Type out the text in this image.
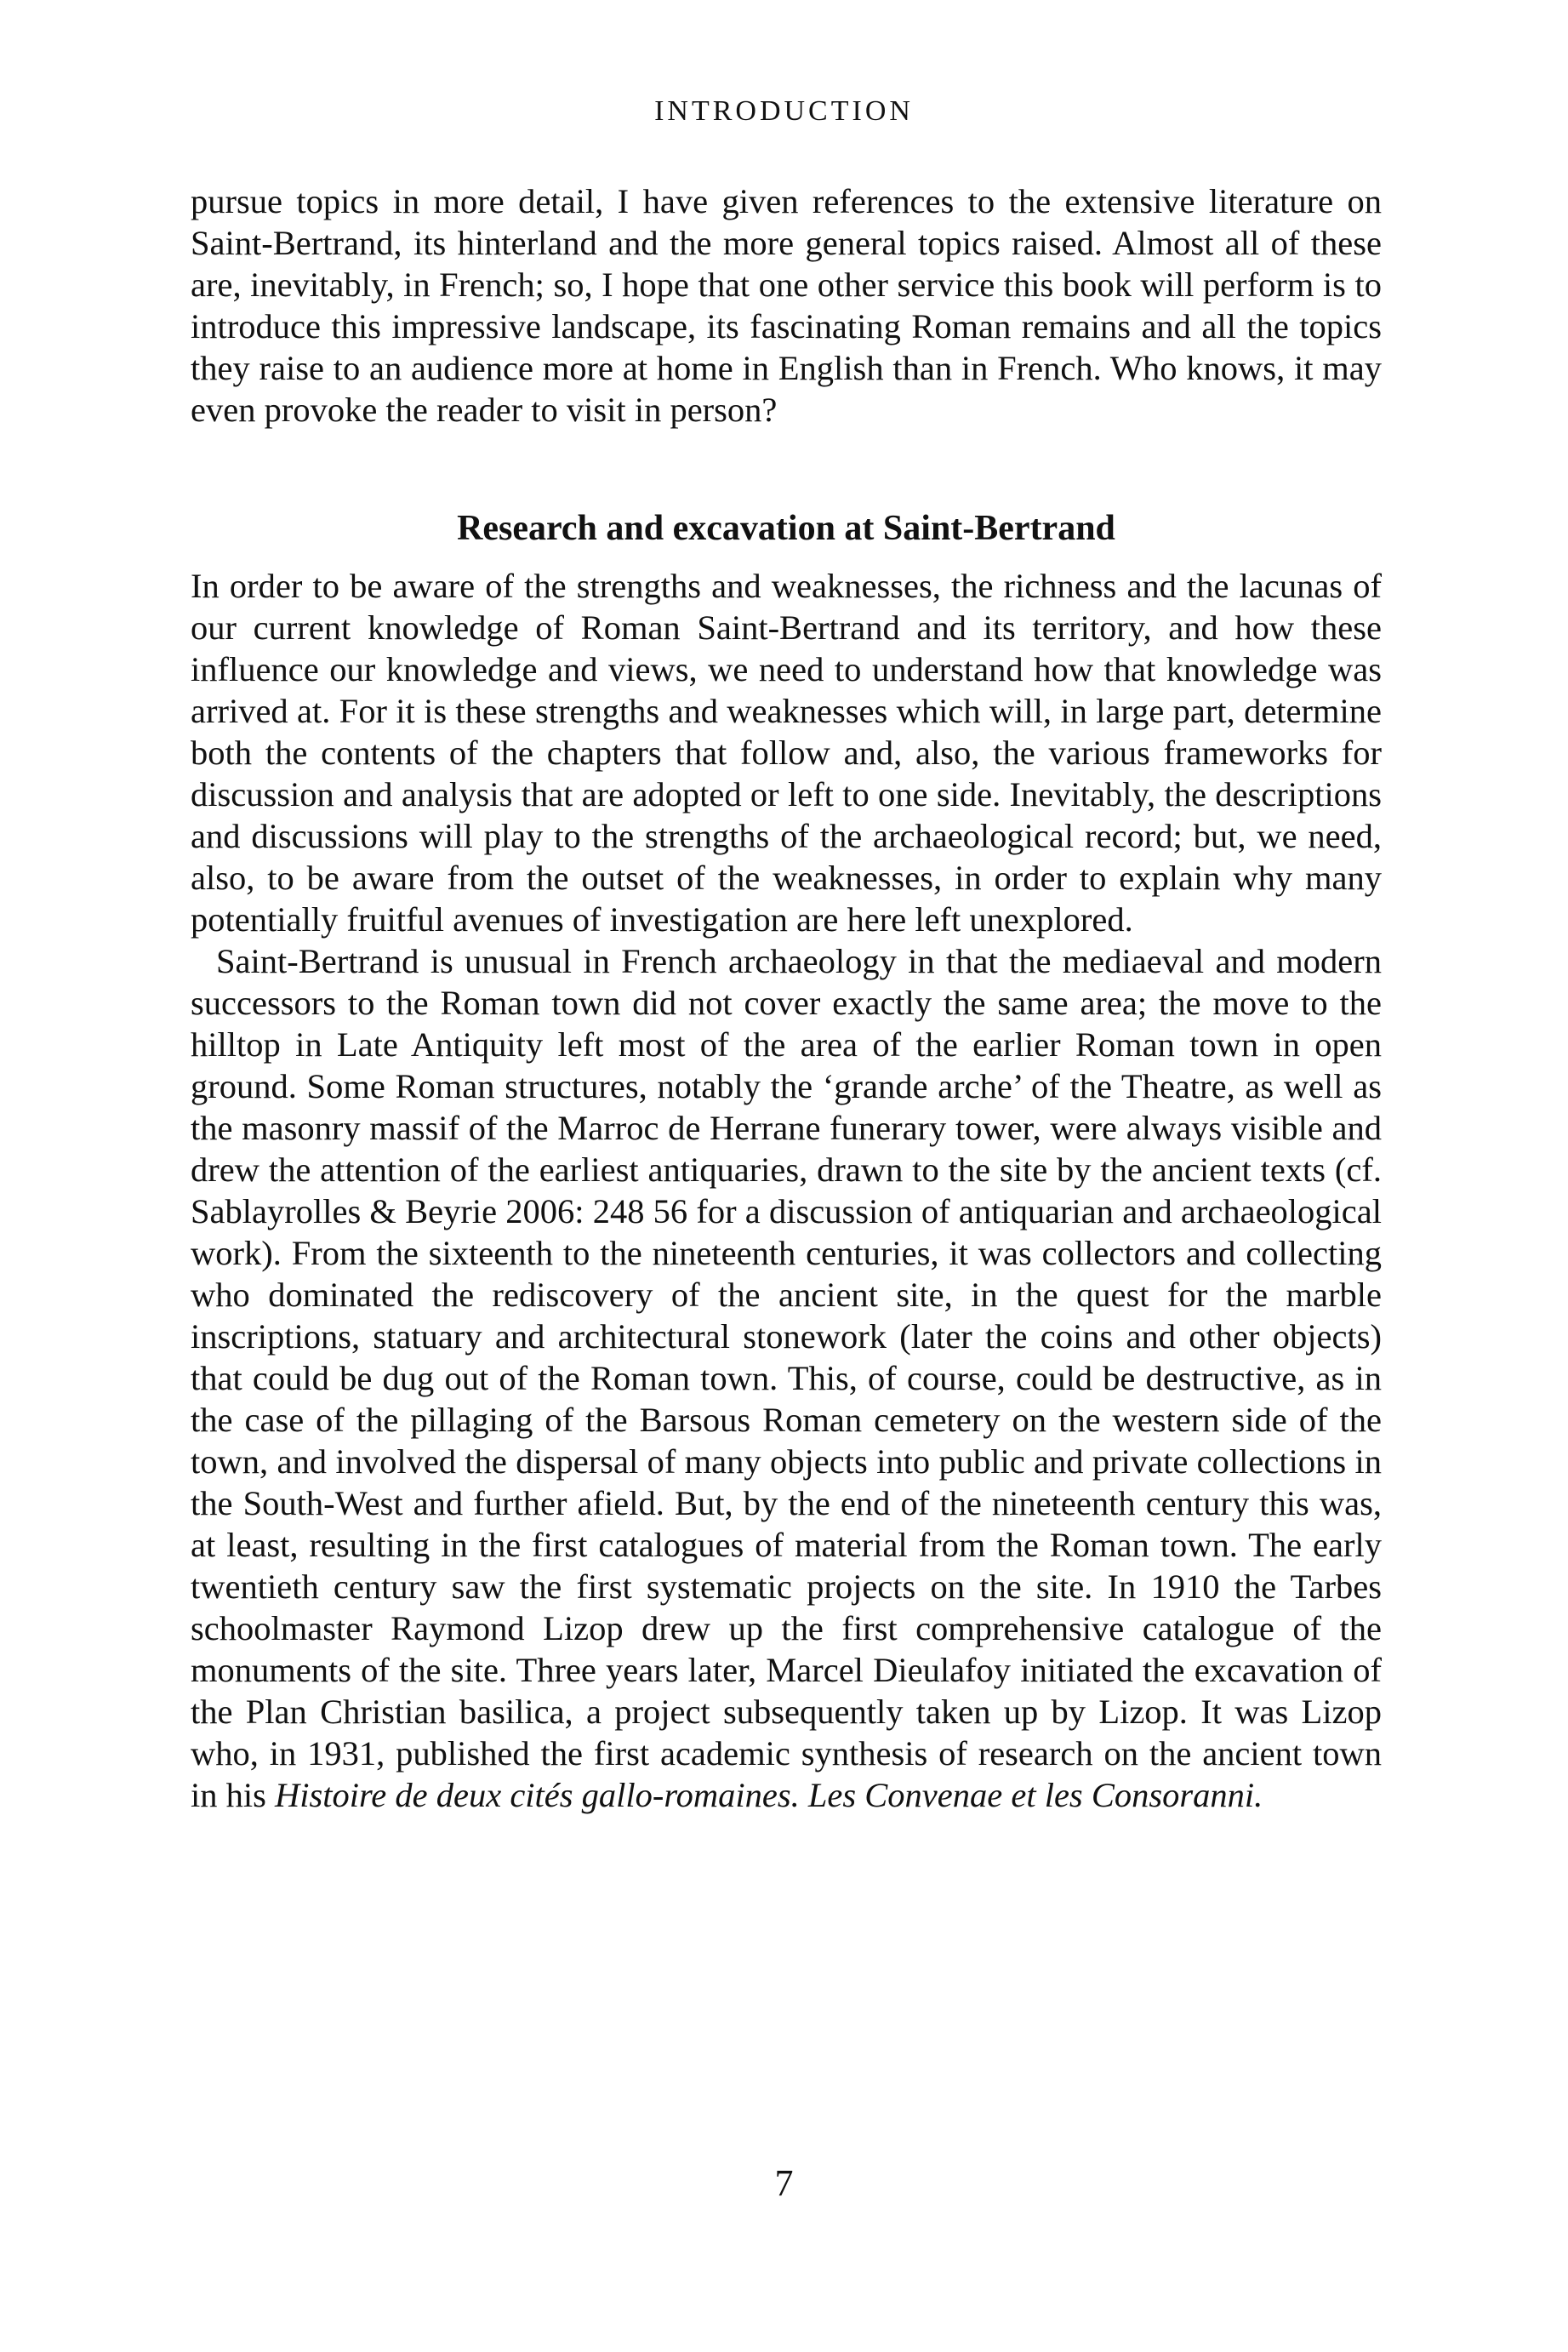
INTRODUCTION

pursue topics in more detail, I have given references to the extensive literature on Saint-Bertrand, its hinterland and the more general topics raised. Almost all of these are, inevitably, in French; so, I hope that one other service this book will perform is to introduce this impressive landscape, its fascinating Roman remains and all the topics they raise to an audience more at home in English than in French. Who knows, it may even provoke the reader to visit in person?

Research and excavation at Saint-Bertrand

In order to be aware of the strengths and weaknesses, the richness and the lacunas of our current knowledge of Roman Saint-Bertrand and its territory, and how these influence our knowledge and views, we need to understand how that knowledge was arrived at. For it is these strengths and weaknesses which will, in large part, determine both the contents of the chapters that follow and, also, the various frameworks for discussion and analysis that are adopted or left to one side. Inevitably, the descriptions and discussions will play to the strengths of the archaeological record; but, we need, also, to be aware from the outset of the weaknesses, in order to explain why many potentially fruitful avenues of investigation are here left unexplored.

Saint-Bertrand is unusual in French archaeology in that the mediaeval and modern successors to the Roman town did not cover exactly the same area; the move to the hilltop in Late Antiquity left most of the area of the earlier Roman town in open ground. Some Roman structures, notably the ‘grande arche’ of the Theatre, as well as the masonry massif of the Marroc de Herrane funerary tower, were always visible and drew the attention of the earliest antiquaries, drawn to the site by the ancient texts (cf. Sablayrolles & Beyrie 2006: 248 56 for a discussion of antiquarian and archaeological work). From the sixteenth to the nineteenth centuries, it was collectors and collecting who dominated the rediscovery of the ancient site, in the quest for the marble inscriptions, statuary and architectural stonework (later the coins and other objects) that could be dug out of the Roman town. This, of course, could be destructive, as in the case of the pillaging of the Barsous Roman cemetery on the western side of the town, and involved the dispersal of many objects into public and private collections in the South-West and further afield. But, by the end of the nineteenth century this was, at least, resulting in the first catalogues of material from the Roman town. The early twentieth century saw the first systematic projects on the site. In 1910 the Tarbes schoolmaster Raymond Lizop drew up the first comprehensive catalogue of the monuments of the site. Three years later, Marcel Dieulafoy initiated the excavation of the Plan Christian basilica, a project subsequently taken up by Lizop. It was Lizop who, in 1931, published the first academic synthesis of research on the ancient town in his Histoire de deux cités gallo-romaines. Les Convenae et les Consoranni.

7
